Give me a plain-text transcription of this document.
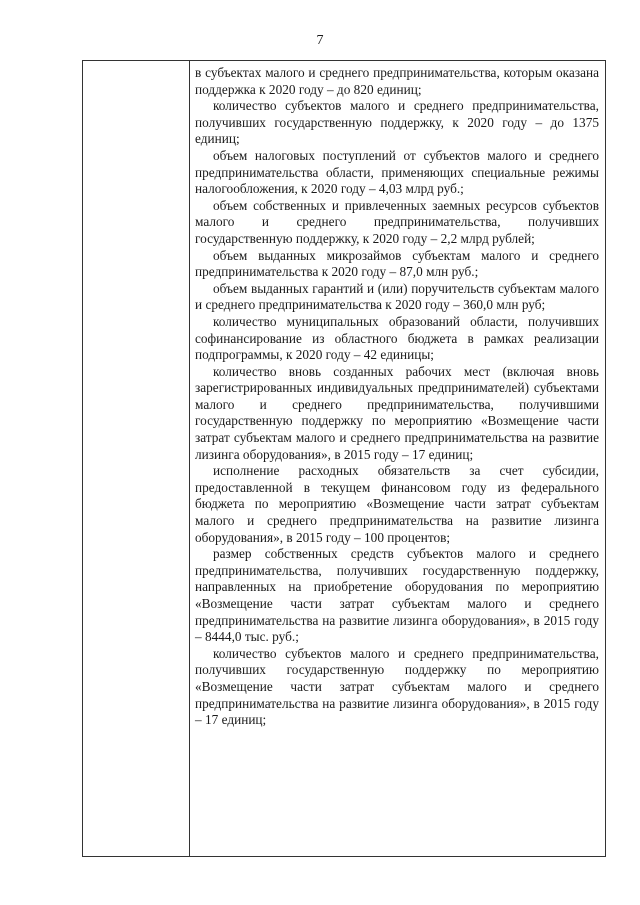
7

в субъектах малого и среднего предпринимательства, которым оказана поддержка к 2020 году – до 820 единиц;

количество субъектов малого и среднего предпринимательства, получивших государственную поддержку, к 2020 году – до 1375 единиц;

объем налоговых поступлений от субъектов малого и среднего предпринимательства области, применяющих специальные режимы налогообложения, к 2020 году – 4,03 млрд руб.;

объем собственных и привлеченных заемных ресурсов субъектов малого и среднего предпринимательства, получивших государственную поддержку, к 2020 году – 2,2 млрд рублей;

объем выданных микрозаймов субъектам малого и среднего предпринимательства к 2020 году – 87,0 млн руб.;

объем выданных гарантий и (или) поручительств субъектам малого и среднего предпринимательства к 2020 году – 360,0 млн руб;

количество муниципальных образований области, получивших софинансирование из областного бюджета в рамках реализации подпрограммы, к 2020 году – 42 единицы;

количество вновь созданных рабочих мест (включая вновь зарегистрированных индивидуальных предпринимателей) субъектами малого и среднего предпринимательства, получившими государственную поддержку по мероприятию «Возмещение части затрат субъектам малого и среднего предпринимательства на развитие лизинга оборудования», в 2015 году – 17 единиц;

исполнение расходных обязательств за счет субсидии, предоставленной в текущем финансовом году из федерального бюджета по мероприятию «Возмещение части затрат субъектам малого и среднего предпринимательства на развитие лизинга оборудования», в 2015 году – 100 процентов;

размер собственных средств субъектов малого и среднего предпринимательства, получивших государственную поддержку, направленных на приобретение оборудования по мероприятию «Возмещение части затрат субъектам малого и среднего предпринимательства на развитие лизинга оборудования», в 2015 году – 8444,0 тыс. руб.;

количество субъектов малого и среднего предпринимательства, получивших государственную поддержку по мероприятию «Возмещение части затрат субъектам малого и среднего предпринимательства на развитие лизинга оборудования», в 2015 году – 17 единиц;
